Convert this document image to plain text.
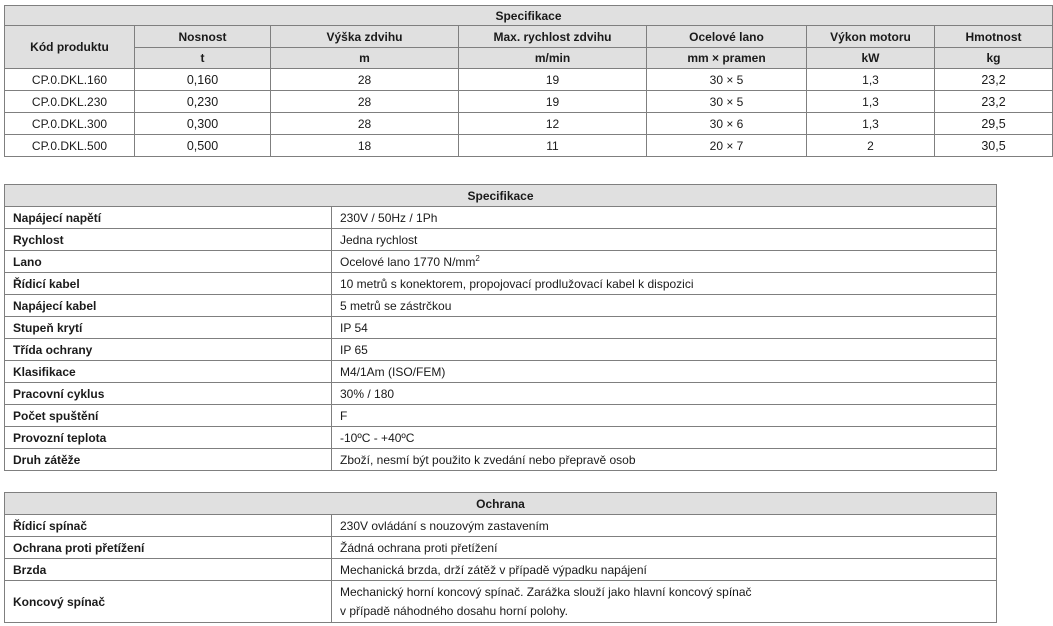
Specifikace						
Kód produktu	Nosnost	Výška zdvihu	Max. rychlost zdvihu	Ocelové lano	Výkon motoru	Hmotnost
	t	m	m/min	mm × pramen	kW	kg
CP.0.DKL.160	0,160	28	19	30 × 5	1,3	23,2
CP.0.DKL.230	0,230	28	19	30 × 5	1,3	23,2
CP.0.DKL.300	0,300	28	12	30 × 6	1,3	29,5
CP.0.DKL.500	0,500	18	11	20 × 7	2	30,5
Specifikace	
Napájecí napětí	230V / 50Hz / 1Ph
Rychlost	Jedna rychlost
Lano	Ocelové lano 1770 $N/mm^2$
Řídicí kabel	10 metrů s konektorem, propojovací prodlužovací kabel k dispozici
Napájecí kabel	5 metrů se zástrčkou
Stupeň krytí	IP 54
Třída ochrany	IP 65
Klasifikace	M4/1Am (ISO/FEM)
Pracovní cyklus	30% / 180
Počet spuštění	F
Provozní teplota	-10ºC - +40ºC
Druh zátěže	Zboží, nesmí být použito k zvedání nebo přepravě osob
Ochrana	
Řídicí spínač	230V ovládání s nouzovým zastavením
Ochrana proti přetížení	Žádná ochrana proti přetížení
Brzda	Mechanická brzda, drží zátěž v případě výpadku napájení
Koncový spínač	Mechanický horní koncový spínač. Zarážka slouží jako hlavní koncový spínač
v případě náhodného dosahu horní polohy.
